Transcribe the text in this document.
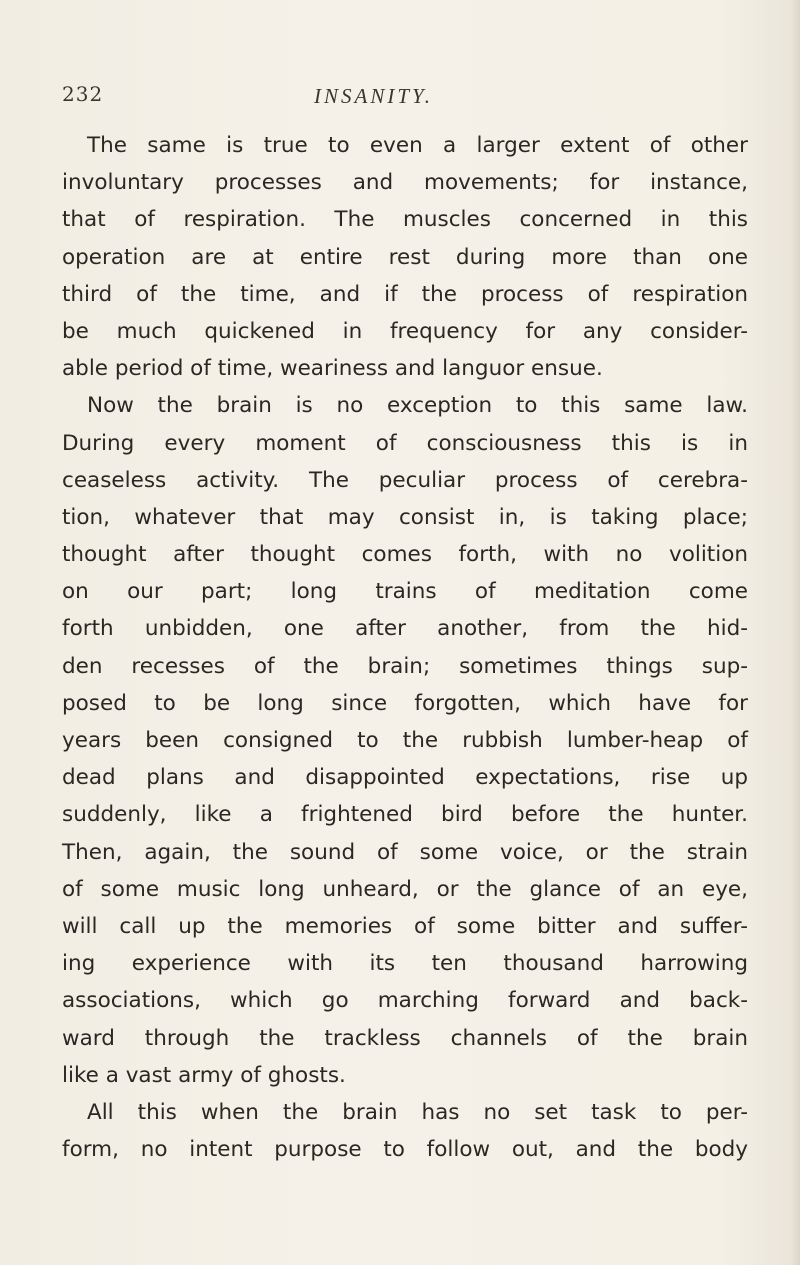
232	INSANITY.
The same is true to even a larger extent of other
involuntary processes and movements; for instance,
that of respiration. The muscles concerned in this
operation are at entire rest during more than one
third of the time, and if the process of respiration
be much quickened in frequency for any consider-
able period of time, weariness and languor ensue.
Now the brain is no exception to this same law.
During every moment of consciousness this is in
ceaseless activity. The peculiar process of cerebra-
tion, whatever that may consist in, is taking place;
thought after thought comes forth, with no volition
on our part; long trains of meditation come
forth unbidden, one after another, from the hid-
den recesses of the brain; sometimes things sup-
posed to be long since forgotten, which have for
years been consigned to the rubbish lumber-heap of
dead plans and disappointed expectations, rise up
suddenly, like a frightened bird before the hunter.
Then, again, the sound of some voice, or the strain
of some music long unheard, or the glance of an eye,
will call up the memories of some bitter and suffer-
ing experience with its ten thousand harrowing
associations, which go marching forward and back-
ward through the trackless channels of the brain
like a vast army of ghosts.
All this when the brain has no set task to per-
form, no intent purpose to follow out, and the body
